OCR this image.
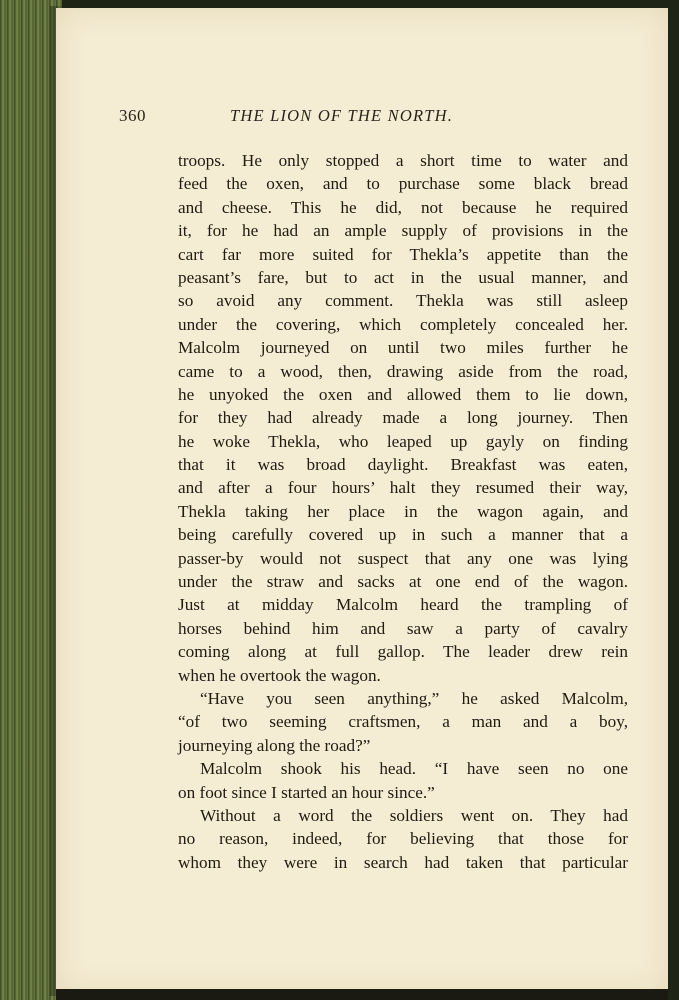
360	THE LION OF THE NORTH.
troops. He only stopped a short time to water and
feed the oxen, and to purchase some black bread
and cheese. This he did, not because he required
it, for he had an ample supply of provisions in the
cart far more suited for Thekla’s appetite than the
peasant’s fare, but to act in the usual manner, and
so avoid any comment. Thekla was still asleep
under the covering, which completely concealed her.
Malcolm journeyed on until two miles further he
came to a wood, then, drawing aside from the road,
he unyoked the oxen and allowed them to lie down,
for they had already made a long journey. Then
he woke Thekla, who leaped up gayly on finding
that it was broad daylight. Breakfast was eaten,
and after a four hours’ halt they resumed their way,
Thekla taking her place in the wagon again, and
being carefully covered up in such a manner that a
passer-by would not suspect that any one was lying
under the straw and sacks at one end of the wagon.
Just at midday Malcolm heard the trampling of
horses behind him and saw a party of cavalry
coming along at full gallop. The leader drew rein
when he overtook the wagon.
“Have you seen anything,” he asked Malcolm,
“of two seeming craftsmen, a man and a boy,
journeying along the road?”
Malcolm shook his head. “I have seen no one
on foot since I started an hour since.”
Without a word the soldiers went on. They had
no reason, indeed, for believing that those for
whom they were in search had taken that particular
